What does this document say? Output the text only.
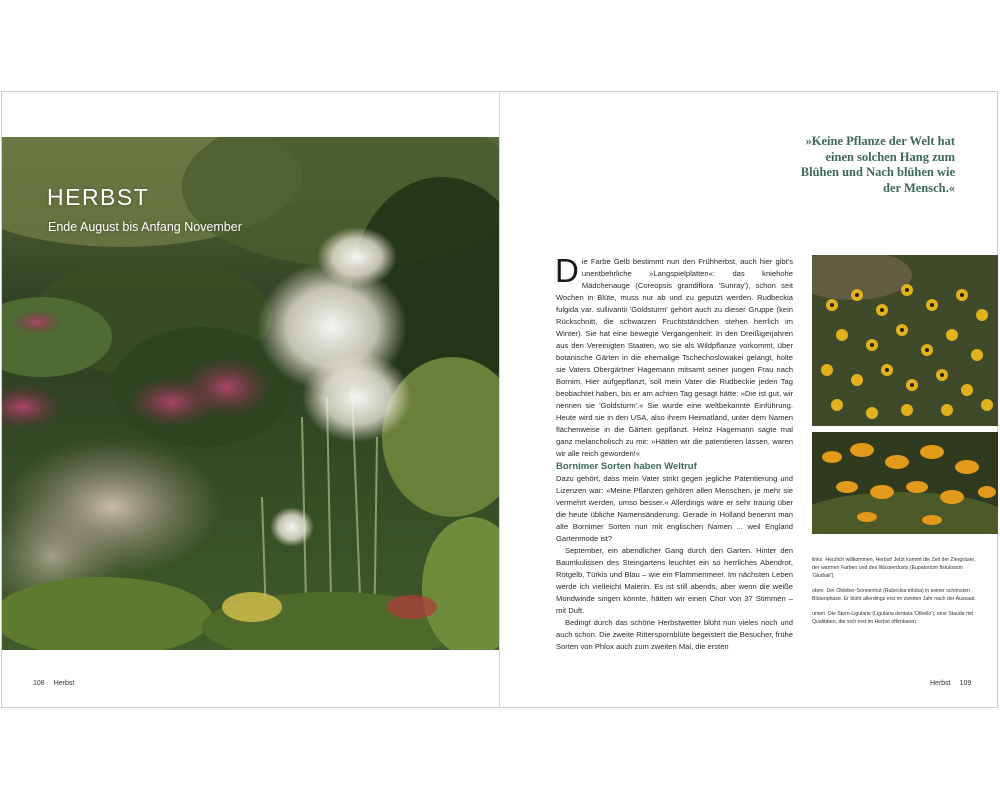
HERBST

Ende August bis Anfang November

108 Herbst

»Keine Pflanze der Welt hat einen solchen Hang zum Blühen und Nach blühen wie der Mensch.«

Die Farbe Gelb bestimmt nun den Frühherbst, auch hier gibt's unentbehrliche »Langspielplatten«: das kniehohe Mädchenauge (Coreopsis grandiflora 'Sunray'), schon seit Wochen in Blüte, muss nur ab und zu geputzt werden. Rudbeckia fulgida var. sullivantii 'Goldsturm' gehört auch zu dieser Gruppe (kein Rückschnitt, die schwarzen Fruchtständchen stehen herrlich im Winter). Sie hat eine bewegte Vergangenheit: In den Dreißigerjahren aus den Vereinigten Staaten, wo sie als Wildpflanze vorkommt, über botanische Gärten in die ehemalige Tschechoslowakei gelangt, holte sie Vaters Obergärtner Hagemann mitsamt seiner jungen Frau nach Bornim. Hier aufgepflanzt, soll mein Vater die Rudbeckie jeden Tag beobachtet haben, bis er am achten Tag gesagt hätte: »Die ist gut, wir nennen sie 'Goldsturm'.« Sie wurde eine weltbekannte Einführung. Heute wird sie in den USA, also ihrem Heimatland, unter dem Namen flächenweise in die Gärten gepflanzt. Heinz Hagemann sagte mal ganz melancholisch zu mir: »Hätten wir die patentieren lassen, waren wir alle reich geworden!«

Bornimer Sorten haben Weltruf

Dazu gehört, dass mein Vater strikt gegen jegliche Patentierung und Lizenzen war: »Meine Pflanzen gehören allen Menschen, je mehr sie vermehrt werden, umso besser.« Allerdings wäre er sehr traurig über die heute übliche Namensänderung. Gerade in Holland benennt man alte Bornimer Sorten nun mit englischen Namen ... weil England Gartenmode ist?

September, ein abendlicher Gang durch den Garten. Hinter den Baumkulissen des Steingartens leuchtet ein so herrliches Abendrot, Rotgelb, Türkis und Blau – wie ein Flammenmeer. Im nächsten Leben werde ich vielleicht Malerin. Es ist still abends, aber wenn die weiße Mondwinde singen könnte, hätten wir einen Chor von 37 Stimmen – mit Duft.

Bedingt durch das schöne Herbstwetter blüht nun vieles noch und auch schon. Die zweite Ritterspornblüte begeistert die Besucher, frühe Sorten von Phlox auch zum zweiten Mal, die ersten

links Herzlich willkommen, Herbst! Jetzt kommt die Zeit der Ziergräser, der warmen Farben und des Wasserdosts (Eupatorium fistulosum 'Glutball').

oben Der Oktober-Sonnenhut (Rubeckia triloba) in seiner schönsten Blütenphase. Er blüht allerdings erst im zweiten Jahr nach der Aussaat.

unten Die Stern-Ligularie (Ligularia dentata 'Othello'), eine Staude mit Qualitäten, die sich erst im Herbst offenbaren.

Herbst 109
